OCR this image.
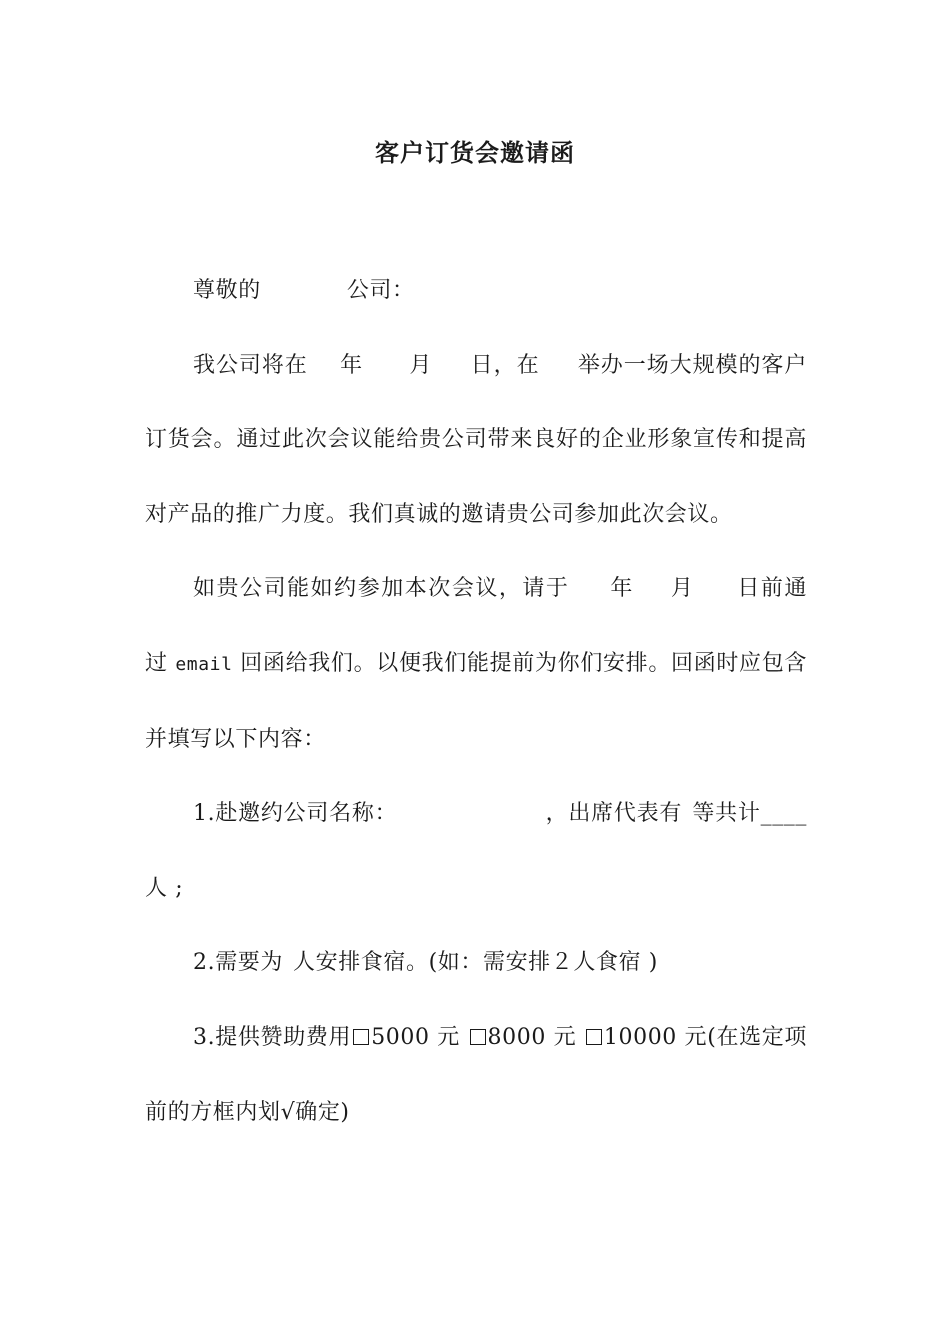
客户订货会邀请函

尊敬的	公司：

我公司将在 年 月 日，在 举办一场大规模的客户订货会。通过此次会议能给贵公司带来良好的企业形象宣传和提高对产品的推广力度。我们真诚的邀请贵公司参加此次会议。

如贵公司能如约参加本次会议，请于 年 月 日前通过 email 回函给我们。以便我们能提前为你们安排。回函时应包含并填写以下内容：

1.赴邀约公司名称：	，出席代表有 等共计____人 ;

2.需要为 人安排食宿。(如：需安排２人食宿 )

3.提供赞助费用 5000 元 8000 元 10000 元(在选定项前的方框内划√确定)
